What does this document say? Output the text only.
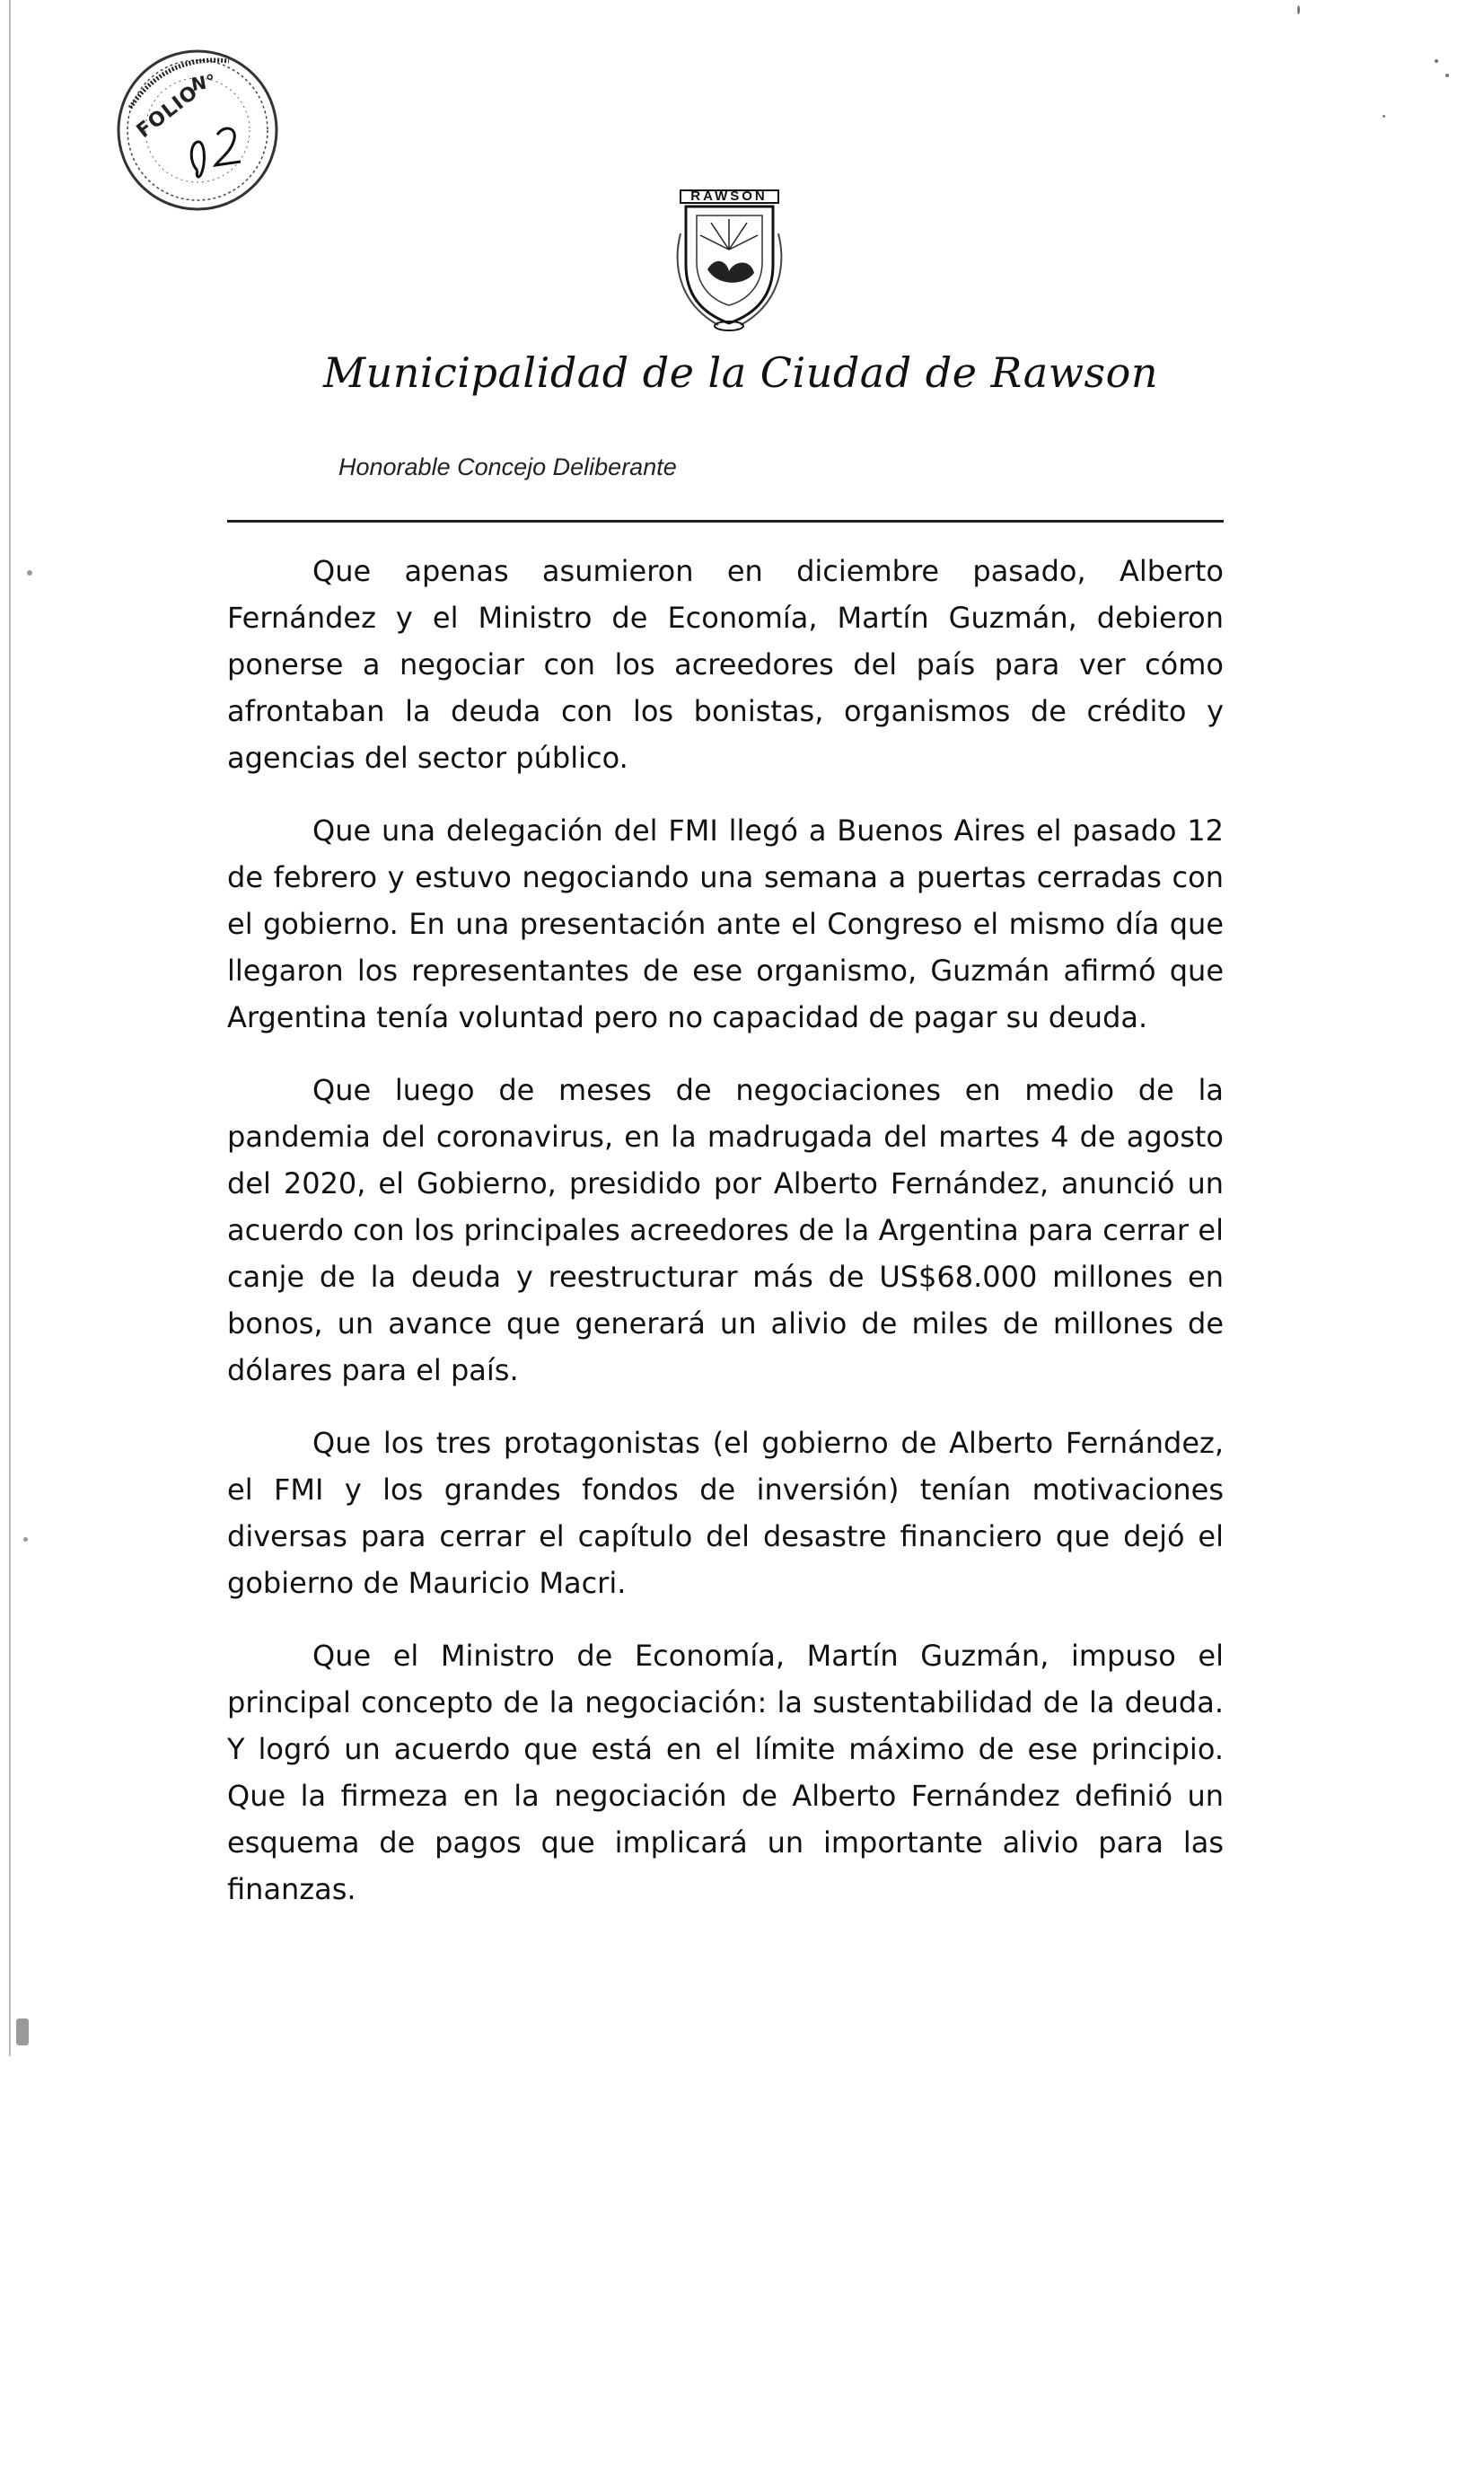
FOLIO
N°
RAWSON
Municipalidad de la Ciudad de Rawson
Honorable Concejo Deliberante

Que apenas asumieron en diciembre pasado, Alberto Fernández y el Ministro de Economía, Martín Guzmán, debieron ponerse a negociar con los acreedores del país para ver cómo afrontaban la deuda con los bonistas, organismos de crédito y agencias del sector público.

Que una delegación del FMI llegó a Buenos Aires el pasado 12 de febrero y estuvo negociando una semana a puertas cerradas con el gobierno. En una presentación ante el Congreso el mismo día que llegaron los representantes de ese organismo, Guzmán afirmó que Argentina tenía voluntad pero no capacidad de pagar su deuda.

Que luego de meses de negociaciones en medio de la pandemia del coronavirus, en la madrugada del martes 4 de agosto del 2020, el Gobierno, presidido por Alberto Fernández, anunció un acuerdo con los principales acreedores de la Argentina para cerrar el canje de la deuda y reestructurar más de US$68.000 millones en bonos, un avance que generará un alivio de miles de millones de dólares para el país.

Que los tres protagonistas (el gobierno de Alberto Fernández, el FMI y los grandes fondos de inversión) tenían motivaciones diversas para cerrar el capítulo del desastre financiero que dejó el gobierno de Mauricio Macri.

Que el Ministro de Economía, Martín Guzmán, impuso el principal concepto de la negociación: la sustentabilidad de la deuda. Y logró un acuerdo que está en el límite máximo de ese principio. Que la firmeza en la negociación de Alberto Fernández definió un esquema de pagos que implicará un importante alivio para las finanzas.
